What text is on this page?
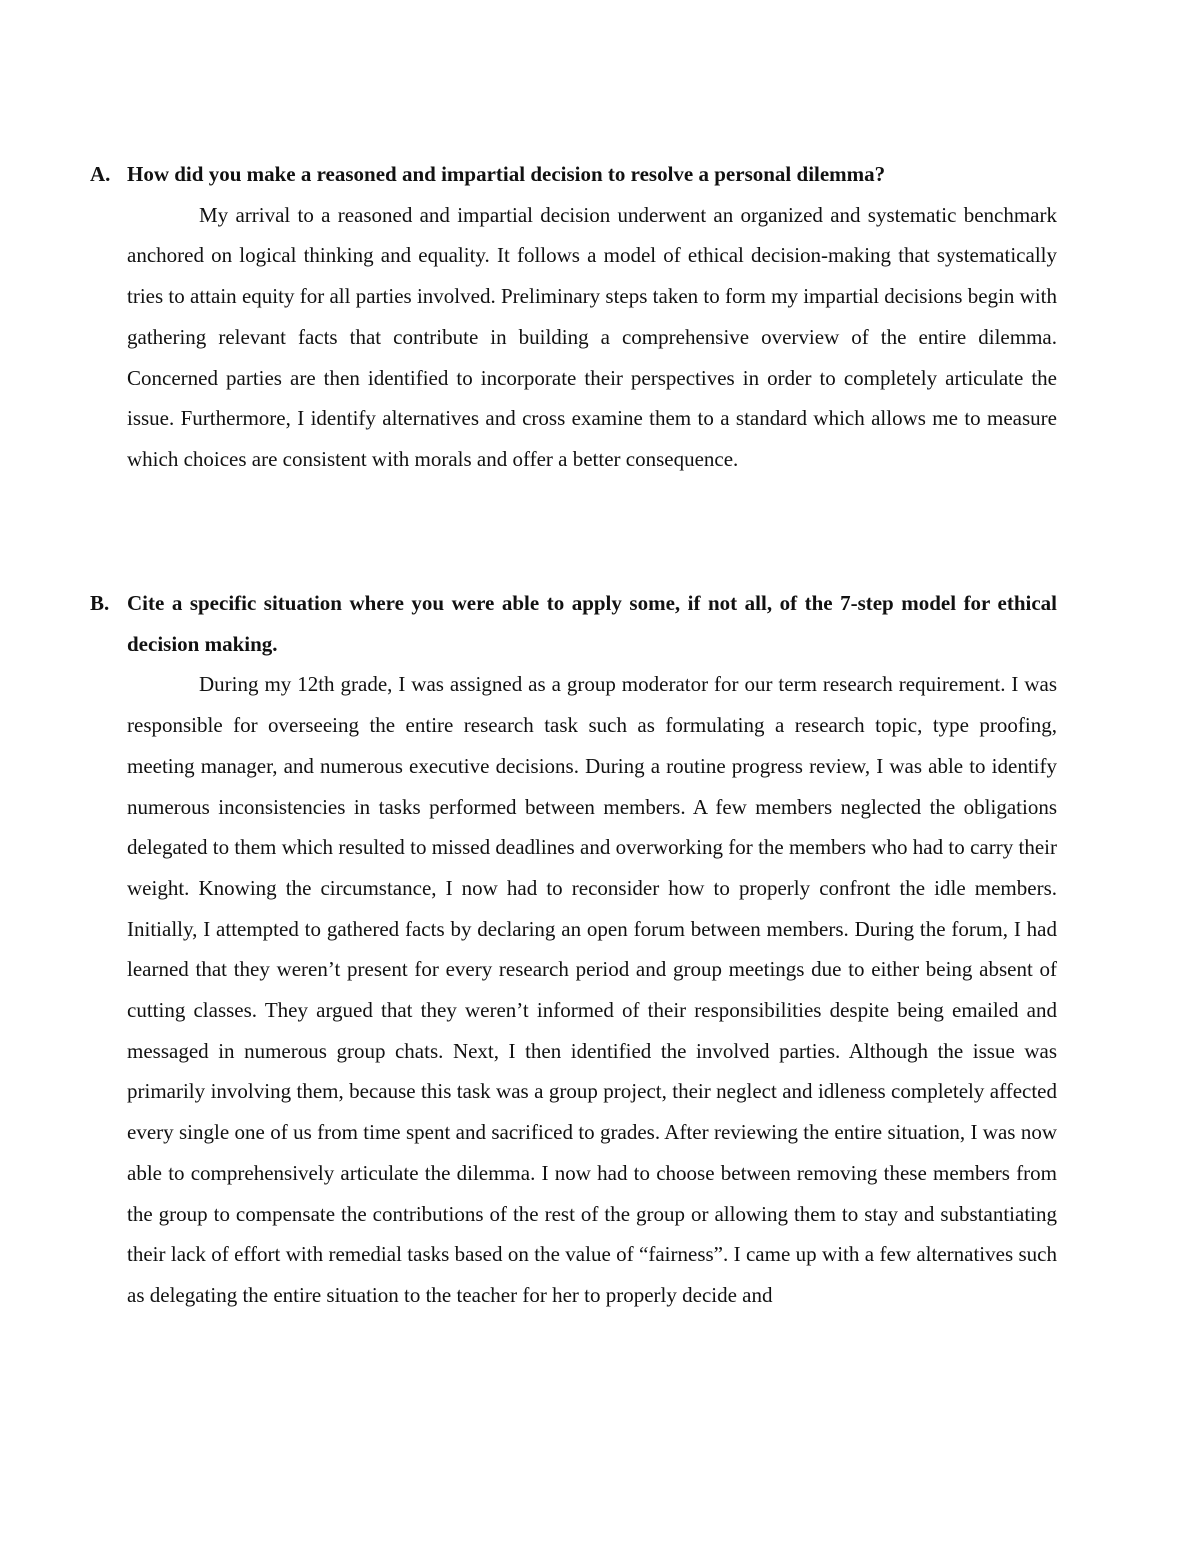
A. How did you make a reasoned and impartial decision to resolve a personal dilemma?

My arrival to a reasoned and impartial decision underwent an organized and systematic benchmark anchored on logical thinking and equality. It follows a model of ethical decision-making that systematically tries to attain equity for all parties involved. Preliminary steps taken to form my impartial decisions begin with gathering relevant facts that contribute in building a comprehensive overview of the entire dilemma. Concerned parties are then identified to incorporate their perspectives in order to completely articulate the issue. Furthermore, I identify alternatives and cross examine them to a standard which allows me to measure which choices are consistent with morals and offer a better consequence.

B. Cite a specific situation where you were able to apply some, if not all, of the 7-step model for ethical decision making.

During my 12th grade, I was assigned as a group moderator for our term research requirement. I was responsible for overseeing the entire research task such as formulating a research topic, type proofing, meeting manager, and numerous executive decisions. During a routine progress review, I was able to identify numerous inconsistencies in tasks performed between members. A few members neglected the obligations delegated to them which resulted to missed deadlines and overworking for the members who had to carry their weight. Knowing the circumstance, I now had to reconsider how to properly confront the idle members. Initially, I attempted to gathered facts by declaring an open forum between members. During the forum, I had learned that they weren’t present for every research period and group meetings due to either being absent of cutting classes. They argued that they weren’t informed of their responsibilities despite being emailed and messaged in numerous group chats. Next, I then identified the involved parties. Although the issue was primarily involving them, because this task was a group project, their neglect and idleness completely affected every single one of us from time spent and sacrificed to grades. After reviewing the entire situation, I was now able to comprehensively articulate the dilemma. I now had to choose between removing these members from the group to compensate the contributions of the rest of the group or allowing them to stay and substantiating their lack of effort with remedial tasks based on the value of “fairness”. I came up with a few alternatives such as delegating the entire situation to the teacher for her to properly decide and
